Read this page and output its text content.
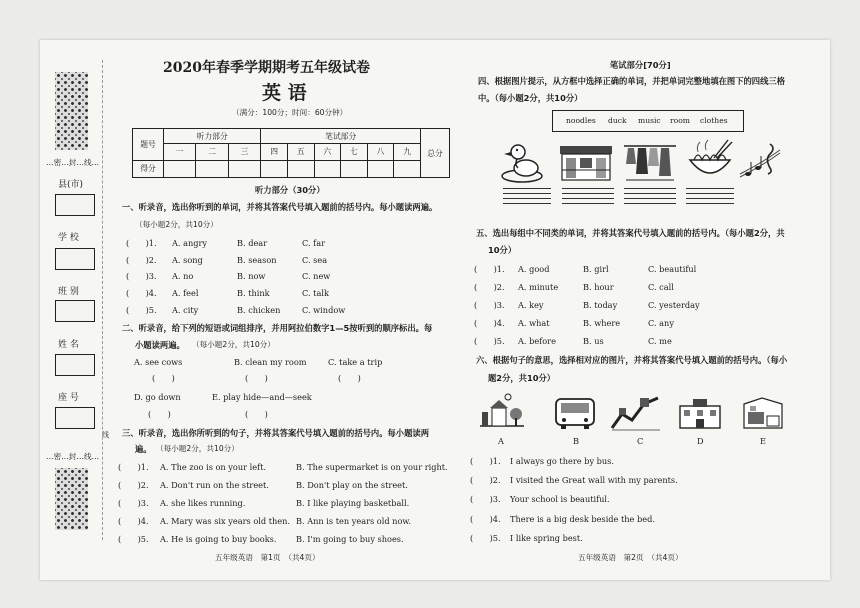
…密…封…线…
县(市)
学 校
班 别
姓 名
座 号
线
…密…封…线…
2020年春季学期期考五年级试卷
英 语
（满分：100分；时间：60分钟）
题号	听力部分			笔试部分						总分
	一	二	三	四	五	六	七	八	九	
得分										
听力部分（30分）
一、听录音，选出你听到的单词，并将其答案代号填入题前的括号内。每小题读两遍。
（每小题2分，共10分）
(　　)1. A. angry	B. dear	C. far
(　　)2. A. song	B. season	C. sea
(　　)3. A. no	B. now	C. new
(　　)4. A. feel	B. think	C. talk
(　　)5. A. city	B. chicken	C. window
二、听录音，给下列的短语或词组排序，并用阿拉伯数字1—5按听到的顺序标出。每
小题读两遍。 （每小题2分，共10分）
A. see cows	B. clean my room	C. take a trip
(　　)	(　　)	(　　)
D. go down	E. play hide—and—seek
(　　)	(　　)
三、听录音，选出你所听到的句子，并将其答案代号填入题前的括号内。每小题读两
遍。 （每小题2分，共10分）
(　　)1. A. The zoo is on your left.	B. The supermarket is on your right.
(　　)2. A. Don't run on the street.	B. Don't play on the street.
(　　)3. A. she likes running.	B. I like playing basketball.
(　　)4. A. Mary was six years old then. B. Ann is ten years old now.
(　　)5. A. He is going to buy books. B. I'm going to buy shoes.
五年级英语　第1页　（共4页）
笔试部分[70分]
四、根据图片提示，从方框中选择正确的单词，并把单词完整地填在图下的四线三格
中。（每小题2分，共10分）
noodles duck music room clothes
五、选出每组中不同类的单词，并将其答案代号填入题前的括号内。（每小题2分，共
10分）
(　　)1. A. good	B. girl	C. beautiful
(　　)2. A. minute	B. hour	C. call
(　　)3. A. key	B. today	C. yesterday
(　　)4. A. what	B. where	C. any
(　　)5. A. before	B. us	C. me
六、根据句子的意思，选择相对应的图片，并将其答案代号填入题前的括号内。（每小
题2分，共10分）
A	B	C	D	E
(　　)1. I always go there by bus.
(　　)2. I visited the Great wall with my parents.
(　　)3. Your school is beautiful.
(　　)4. There is a big desk beside the bed.
(　　)5. I like spring best.
五年级英语　第2页　（共4页）
